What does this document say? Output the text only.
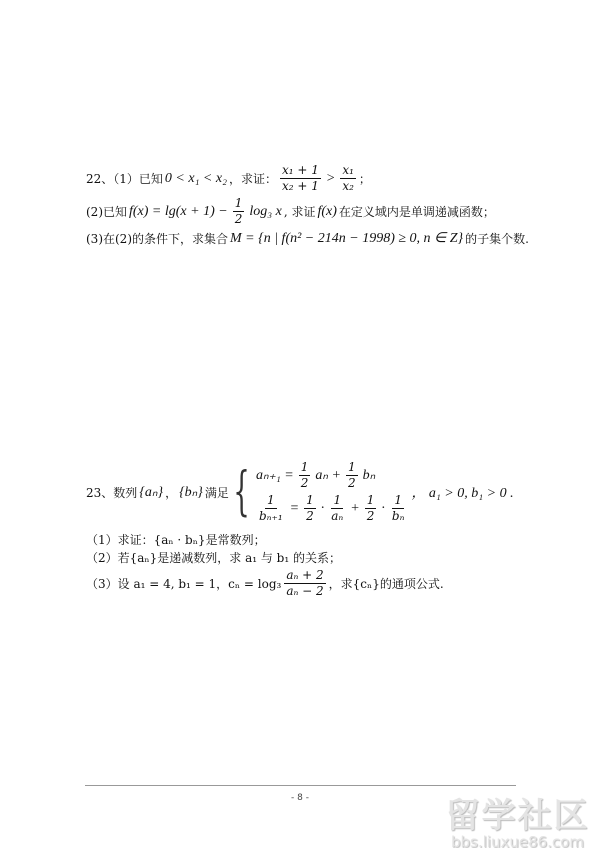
22、（1）已知 0 < x₁ < x₂ ，求证： $\frac{\text{x₁ + 1}}{\text{x₂ + 1}} > \frac{\text{x₁}}{\text{x₂}}$ ；
(2)已知 $f(x) = \lg(x + 1) - \frac{1}{2} \log_3$ x , 求证 f(x) 在定义域内是单调递减函数；
(3)在(2)的条件下，求集合 M = {n | f(n² − 214n − 1998) ≥ 0, n ∈ Z} 的子集个数.
23、数列 {aₙ} ， {bₙ} 满足 { $a_{n+1} = \frac{1}{2}$ $a_n + \frac{1}{2}$ bₙ
$\frac{1}{\text{bₙ₊₁}} = \frac{1}{2} \cdot \frac{1}{\text{aₙ}} + \frac{1}{2} \cdot \frac{1}{\text{bₙ}}$ ， a₁ > 0, b₁ > 0 .
（1）求证：{aₙ · bₙ}是常数列；
（2）若{aₙ}是递减数列，求 a₁ 与 b₁ 的关系；
（3）设 a₁ = 4, b₁ = 1，$c_n = \log_3 \frac{\text{aₙ + 2}}{\text{aₙ − 2}}$ ，求{cₙ}的通项公式.
- 8 -	留学社区
bbs.liuxue86.com
